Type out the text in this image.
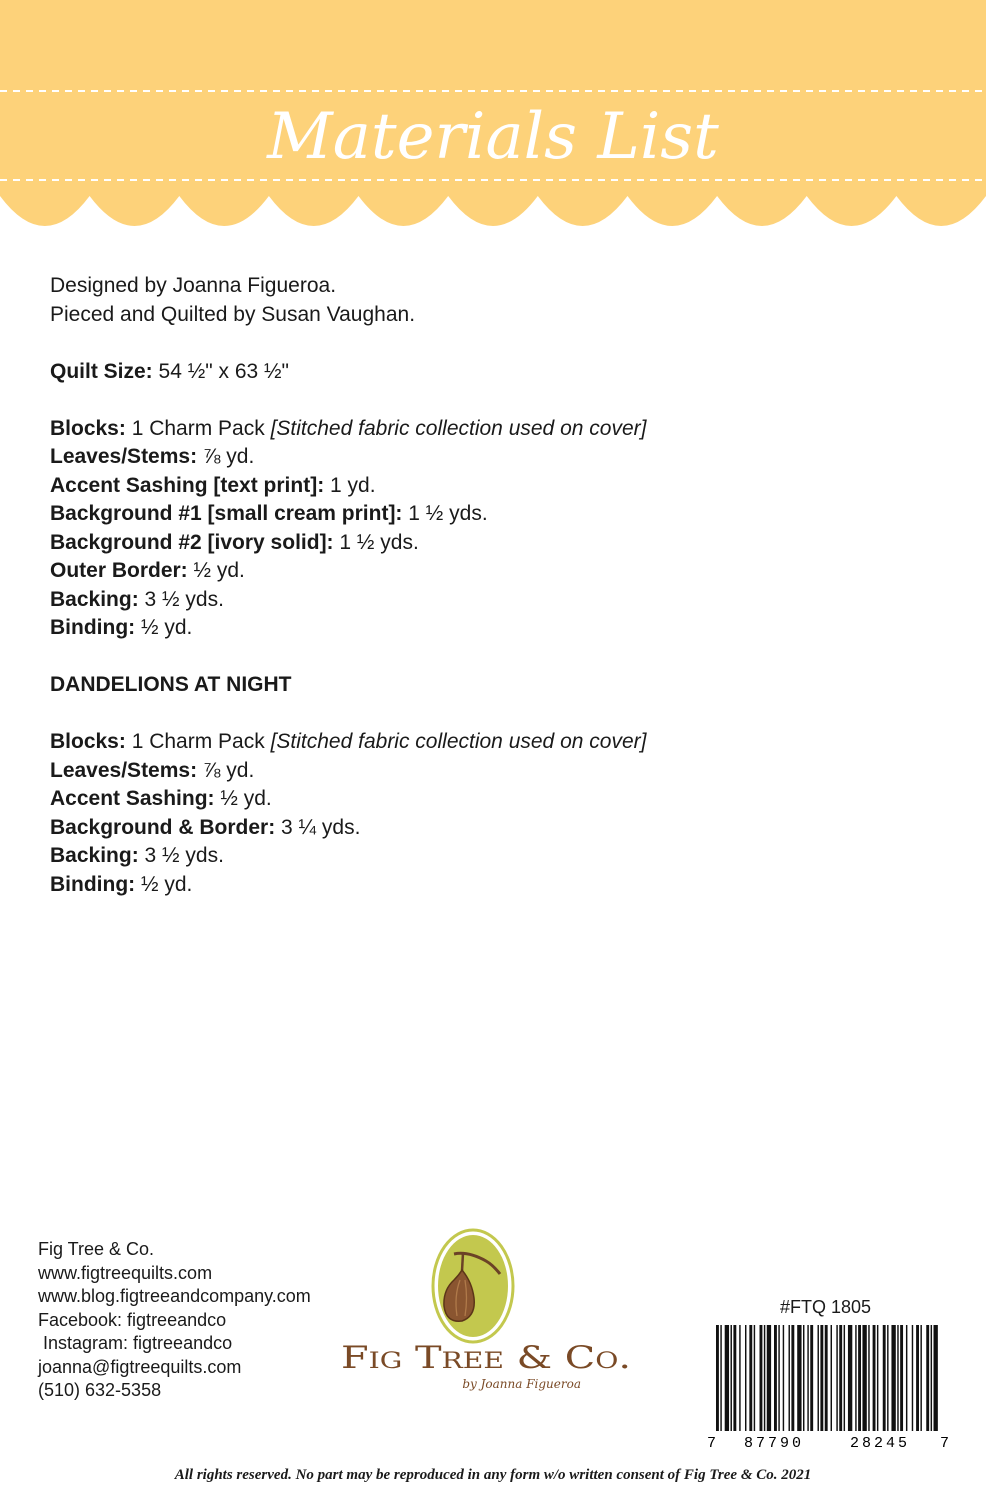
Materials List

Designed by Joanna Figueroa.

Pieced and Quilted by Susan Vaughan.

Quilt Size: 54 ½" x 63 ½"

Blocks: 1 Charm Pack [Stitched fabric collection used on cover]

Leaves/Stems: ⅞ yd.

Accent Sashing [text print]: 1 yd.

Background #1 [small cream print]: 1 ½ yds.

Background #2 [ivory solid]: 1 ½ yds.

Outer Border: ½ yd.

Backing: 3 ½ yds.

Binding: ½ yd.

DANDELIONS AT NIGHT

Blocks: 1 Charm Pack [Stitched fabric collection used on cover]

Leaves/Stems: ⅞ yd.

Accent Sashing: ½ yd.

Background & Border: 3 ¼ yds.

Backing: 3 ½ yds.

Binding: ½ yd.

Fig Tree & Co.
www.figtreequilts.com
www.blog.figtreeandcompany.com
Facebook: figtreeandco
Instagram: figtreeandco
joanna@figtreequilts.com
(510) 632-5358
Fig Tree & Co.
by Joanna Figueroa
#FTQ 1805
7 87790	28245 7
All rights reserved. No part may be reproduced in any form w/o written consent of Fig Tree & Co. 2021
